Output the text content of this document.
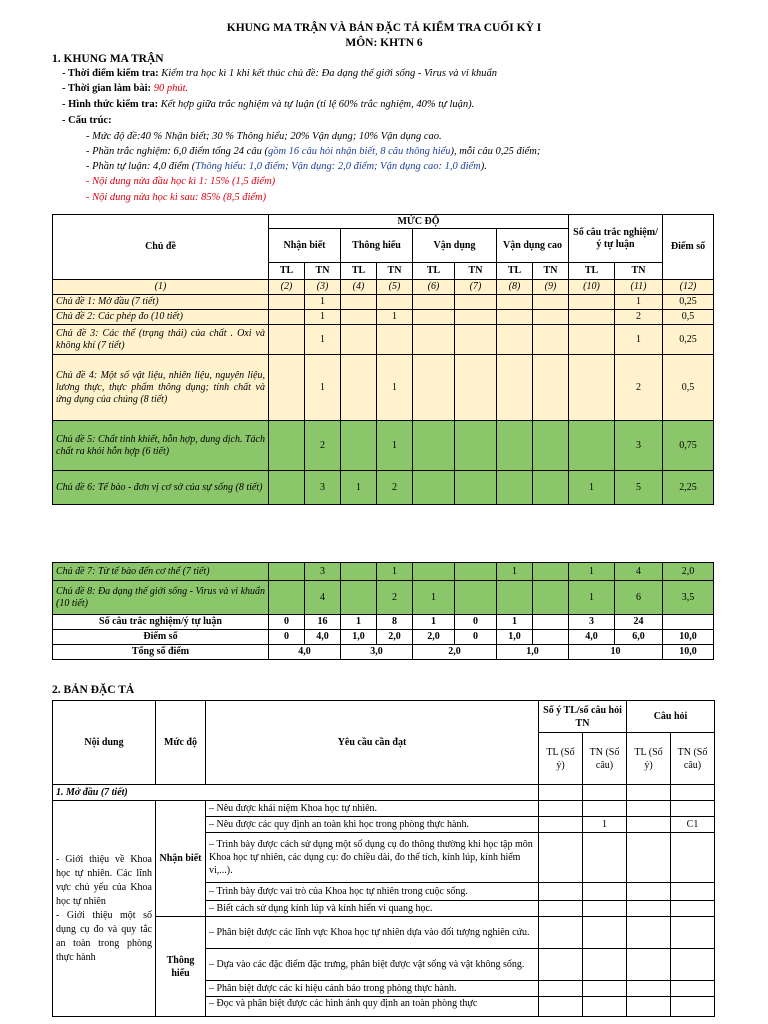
KHUNG MA TRẬN VÀ BẢN ĐẶC TẢ KIỂM TRA CUỐI KỲ I
MÔN: KHTN 6
1. KHUNG MA TRẬN
- Thời điểm kiểm tra: Kiểm tra học kì 1 khi kết thúc chủ đề: Đa dạng thế giới sống - Virus và vi khuẩn
- Thời gian làm bài: 90 phút.
- Hình thức kiểm tra: Kết hợp giữa trắc nghiệm và tự luận (tỉ lệ 60% trắc nghiệm, 40% tự luận).
- Cấu trúc:
- Mức độ đề:40 % Nhận biết; 30 % Thông hiểu; 20% Vận dụng; 10% Vận dụng cao.
- Phần trắc nghiệm: 6,0 điểm tổng 24 câu (gồm 16 câu hỏi nhận biết, 8 câu thông hiểu), mỗi câu 0,25 điểm;
- Phần tự luận: 4,0 điểm (Thông hiểu: 1,0 điểm; Vận dụng: 2,0 điểm; Vận dụng cao: 1,0 điểm).
- Nội dung nửa đầu học kì 1: 15% (1,5 điểm)
- Nội dung nửa học kì sau: 85% (8,5 điểm)
Chủ đề	MỨC ĐỘ								Số câu trắc nghiệm/ý tự luận		Điểm số
	Nhận biết		Thông hiểu		Vận dụng		Vận dụng cao				
	TL	TN	TL	TN	TL	TN	TL	TN	TL	TN	
(1)	(2)	(3)	(4)	(5)	(6)	(7)	(8)	(9)	(10)	(11)	(12)
Chủ đề 1: Mở đầu (7 tiết)		1								1	0,25
Chủ đề 2: Các phép đo (10 tiết)		1		1						2	0,5
Chủ đề 3: Các thể (trạng thái) của chất . Oxi và không khí (7 tiết)		1								1	0,25
Chủ đề 4: Một số vật liệu, nhiên liệu, nguyên liệu, lương thực, thực phẩm thông dụng; tính chất và ứng dụng của chúng (8 tiết)		1		1						2	0,5
Chủ đề 5: Chất tinh khiết, hỗn hợp, dung dịch. Tách chất ra khỏi hỗn hợp (6 tiết)		2		1						3	0,75
Chủ đề 6: Tế bào - đơn vị cơ sở của sự sống (8 tiết)		3	1	2					1	5	2,25
Chủ đề 7: Từ tế bào đến cơ thể (7 tiết)		3		1			1		1	4	2,0
Chủ đề 8: Đa dạng thế giới sống - Virus và vi khuẩn (10 tiết)		4		2	1				1	6	3,5
Số câu trắc nghiệm/ý tự luận	0	16	1	8	1	0	1		3	24	
Điểm số	0	4,0	1,0	2,0	2,0	0	1,0		4,0	6,0	10,0
Tổng số điểm	4,0		3,0		2,0		1,0		10		10,0
2. BẢN ĐẶC TẢ
Nội dung	Mức độ	Yêu cầu cần đạt	Số ý TL/số câu hỏi TN		Câu hỏi	
			TL (Số ý)	TN (Số câu)	TL (Số ý)	TN (Số câu)
1. Mở đầu (7 tiết)						
- Giới thiệu về Khoa học tự nhiên. Các lĩnh vực chủ yếu của Khoa học tự nhiên
- Giới thiệu một số dụng cụ đo và quy tắc an toàn trong phòng thực hành	Nhận biết	– Nêu được khái niệm Khoa học tự nhiên.				
		– Nêu được các quy định an toàn khi học trong phòng thực hành.		1		C1
		– Trình bày được cách sử dụng một số dụng cụ đo thông thường khi học tập môn Khoa học tự nhiên, các dụng cụ: đo chiều dài, đo thể tích, kính lúp, kính hiểm vi,...).				
		– Trình bày được vai trò của Khoa học tự nhiên trong cuộc sống.				
		– Biết cách sử dụng kính lúp và kính hiển vi quang học.				
	Thông hiểu	– Phân biệt được các lĩnh vực Khoa học tự nhiên dựa vào đối tượng nghiên cứu.				
		– Dựa vào các đặc điểm đặc trưng, phân biệt được vật sống và vật không sống.				
		– Phân biệt được các kí hiệu cảnh báo trong phòng thực hành.				
		– Đọc và phân biệt được các hình ảnh quy định an toàn phòng thực				
